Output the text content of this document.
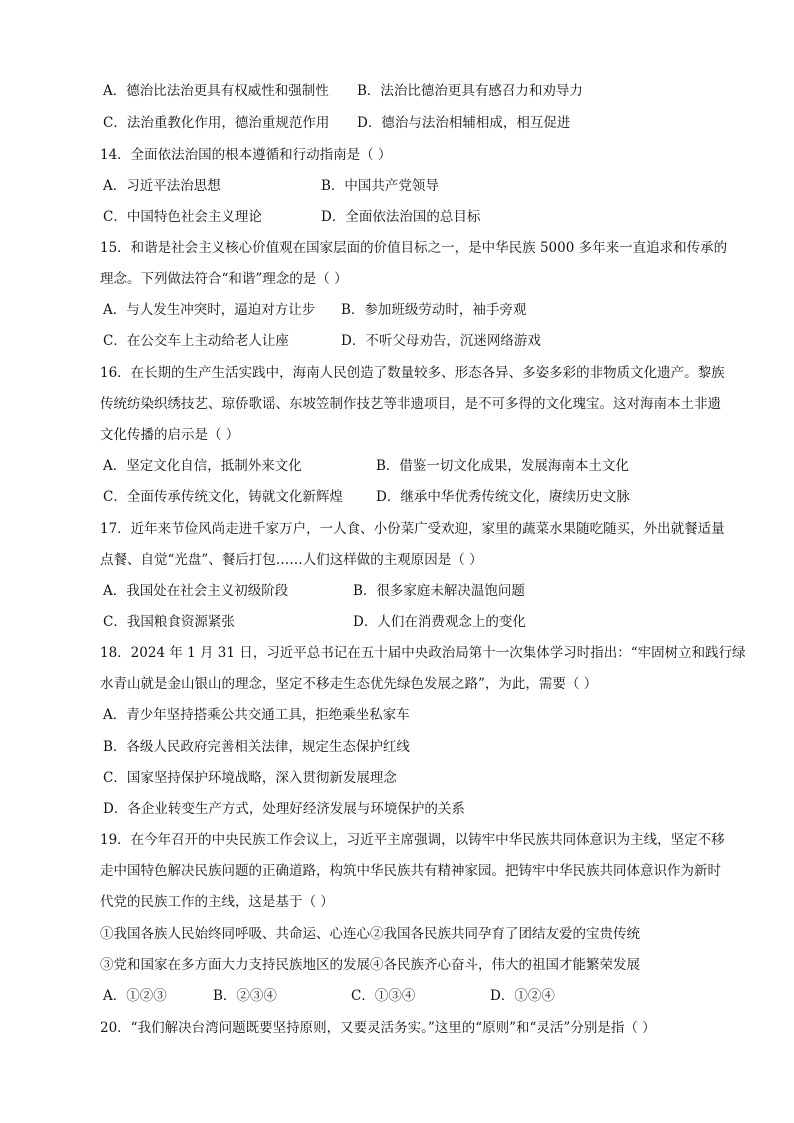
A．德治比法治更具有权威性和强制性 B．法治比德治更具有感召力和劝导力
C．法治重教化作用，德治重规范作用 D．德治与法治相辅相成，相互促进
14．全面依法治国的根本遵循和行动指南是（ ）
A．习近平法治思想	B．中国共产党领导
C．中国特色社会主义理论	D．全面依法治国的总目标
15．和谐是社会主义核心价值观在国家层面的价值目标之一，是中华民族 5000 多年来一直追求和传承的
理念。下列做法符合“和谐”理念的是（ ）
A．与人发生冲突时，逼迫对方让步 B．参加班级劳动时，袖手旁观
C．在公交车上主动给老人让座	D．不听父母劝告，沉迷网络游戏
16．在长期的生产生活实践中，海南人民创造了数量较多、形态各异、多姿多彩的非物质文化遗产。黎族
传统纺染织绣技艺、琼侨歌谣、东坡笠制作技艺等非遗项目，是不可多得的文化瑰宝。这对海南本土非遗
文化传播的启示是（ ）
A．坚定文化自信，抵制外来文化	B．借鉴一切文化成果，发展海南本土文化
C．全面传承传统文化，铸就文化新辉煌 D．继承中华优秀传统文化，赓续历史文脉
17．近年来节俭风尚走进千家万户，一人食、小份菜广受欢迎，家里的蔬菜水果随吃随买，外出就餐适量
点餐、自觉“光盘”、餐后打包……人们这样做的主观原因是（ ）
A．我国处在社会主义初级阶段	B．很多家庭未解决温饱问题
C．我国粮食资源紧张	D．人们在消费观念上的变化
18．2024 年 1 月 31 日，习近平总书记在五十届中央政治局第十一次集体学习时指出：“牢固树立和践行绿
水青山就是金山银山的理念，坚定不移走生态优先绿色发展之路”，为此，需要（ ）
A．青少年坚持搭乘公共交通工具，拒绝乘坐私家车
B．各级人民政府完善相关法律，规定生态保护红线
C．国家坚持保护环境战略，深入贯彻新发展理念
D．各企业转变生产方式，处理好经济发展与环境保护的关系
19．在今年召开的中央民族工作会议上，习近平主席强调，以铸牢中华民族共同体意识为主线，坚定不移
走中国特色解决民族问题的正确道路，构筑中华民族共有精神家园。把铸牢中华民族共同体意识作为新时
代党的民族工作的主线，这是基于（ ）
①我国各族人民始终同呼吸、共命运、心连心②我国各民族共同孕育了团结友爱的宝贵传统
③党和国家在多方面大力支持民族地区的发展④各民族齐心奋斗，伟大的祖国才能繁荣发展
A．①②③	B．②③④	C．①③④	D．①②④
20．“我们解决台湾问题既要坚持原则，又要灵活务实。”这里的“原则”和“灵活”分别是指（ ）
